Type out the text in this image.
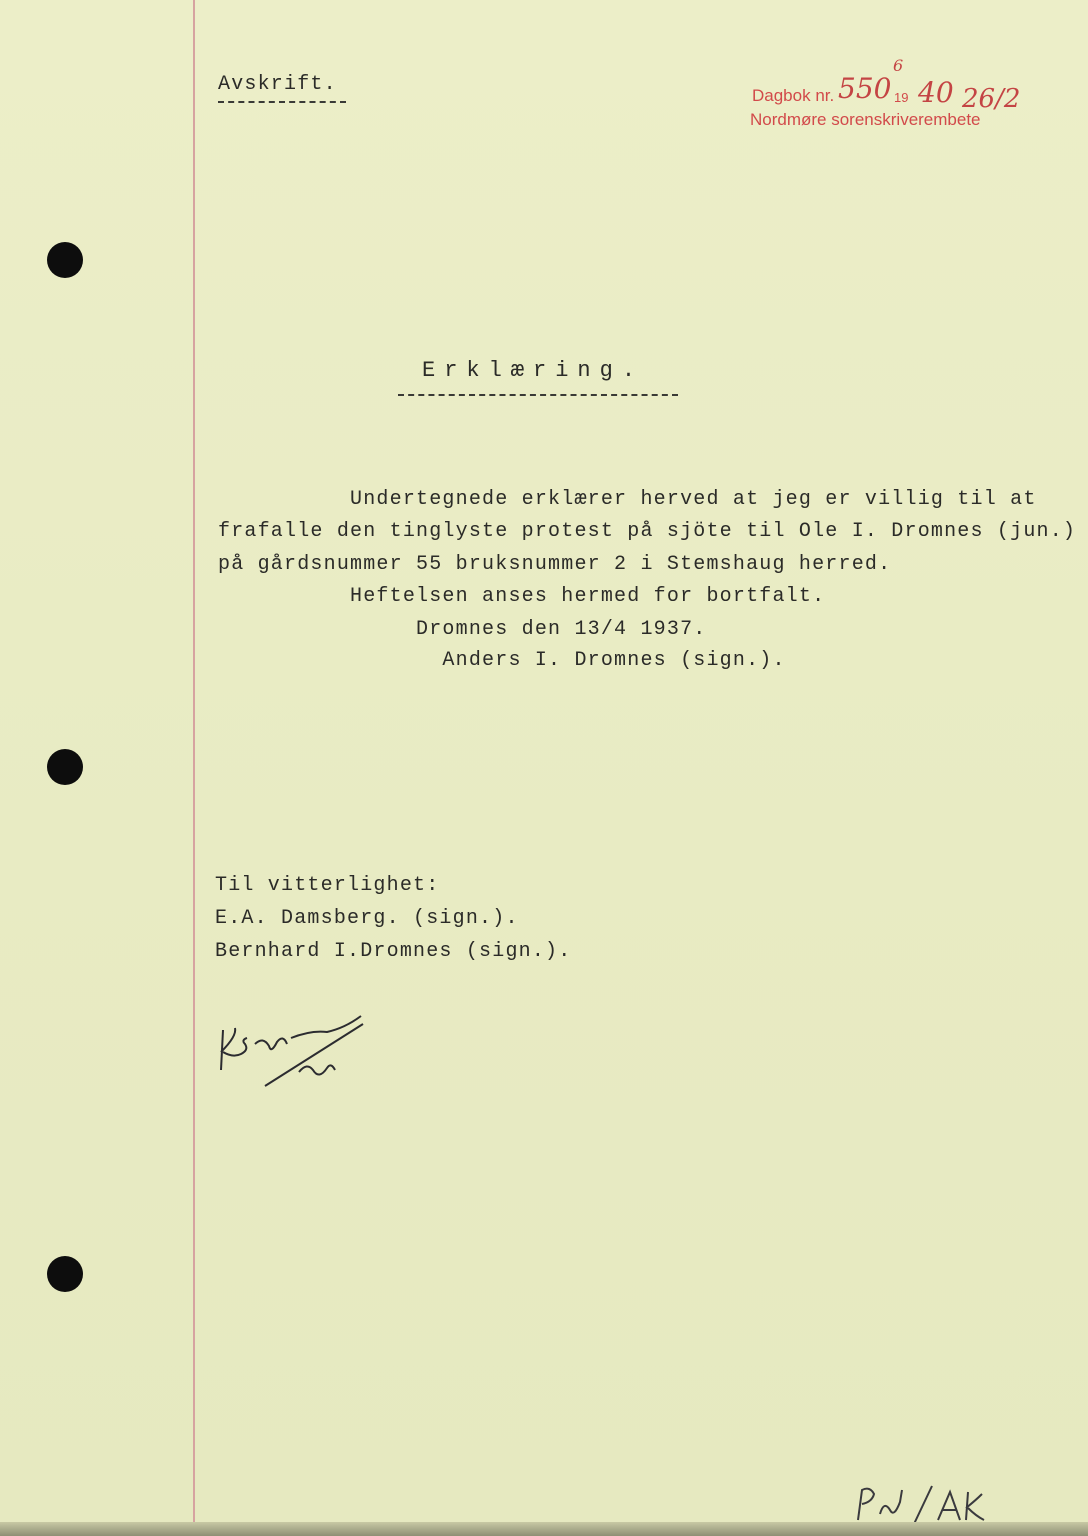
Avskrift.	Dagbok nr. 550
6
19 40 26/2
Nordmøre sorenskriverembete
Erklæring.
Undertegnede erklærer herved at jeg er villig til at
frafalle den tinglyste protest på sjöte til Ole I. Dromnes (jun.)
på gårdsnummer 55 bruksnummer 2 i Stemshaug herred.
Heftelsen anses hermed for bortfalt.
Dromnes den 13/4 1937.
Anders I. Dromnes (sign.).
Til vitterlighet:
E.A. Damsberg. (sign.).
Bernhard I.Dromnes (sign.).
